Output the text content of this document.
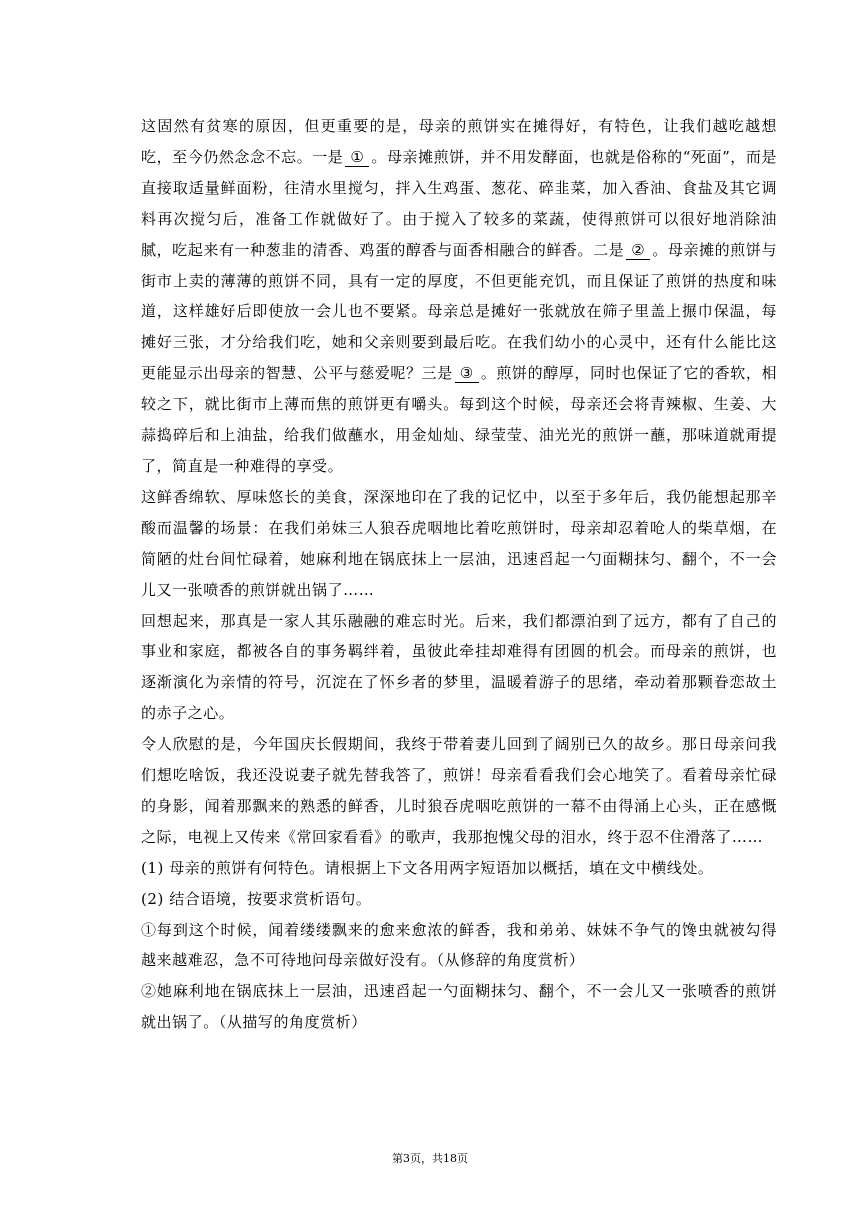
这固然有贫寒的原因，但更重要的是，母亲的煎饼实在摊得好，有特色，让我们越吃越想吃，至今仍然念念不忘。一是 ① 。母亲摊煎饼，并不用发酵面，也就是俗称的“死面”，而是直接取适量鲜面粉，往清水里搅匀，拌入生鸡蛋、葱花、碎韭菜，加入香油、食盐及其它调料再次搅匀后，准备工作就做好了。由于搅入了较多的菜蔬，使得煎饼可以很好地消除油腻，吃起来有一种葱韭的清香、鸡蛋的醇香与面香相融合的鲜香。二是 ② 。母亲摊的煎饼与街市上卖的薄薄的煎饼不同，具有一定的厚度，不但更能充饥，而且保证了煎饼的热度和味道，这样雄好后即使放一会儿也不要紧。母亲总是摊好一张就放在筛子里盖上搌巾保温，每摊好三张，才分给我们吃，她和父亲则要到最后吃。在我们幼小的心灵中，还有什么能比这更能显示出母亲的智慧、公平与慈爱呢？三是 ③ 。煎饼的醇厚，同时也保证了它的香软，相较之下，就比街市上薄而焦的煎饼更有嚼头。每到这个时候，母亲还会将青辣椒、生姜、大蒜捣碎后和上油盐，给我们做蘸水，用金灿灿、绿莹莹、油光光的煎饼一蘸，那味道就甭提了，简直是一种难得的享受。

这鲜香绵软、厚味悠长的美食，深深地印在了我的记忆中，以至于多年后，我仍能想起那辛酸而温馨的场景：在我们弟妹三人狼吞虎咽地比着吃煎饼时，母亲却忍着呛人的柴草烟，在简陋的灶台间忙碌着，她麻利地在锅底抹上一层油，迅速舀起一勺面糊抹匀、翻个，不一会儿又一张喷香的煎饼就出锅了……

回想起来，那真是一家人其乐融融的难忘时光。后来，我们都漂泊到了远方，都有了自己的事业和家庭，都被各自的事务羁绊着，虽彼此牵挂却难得有团圆的机会。而母亲的煎饼，也逐渐演化为亲情的符号，沉淀在了怀乡者的梦里，温暖着游子的思绪，牵动着那颗眷恋故土的赤子之心。

令人欣慰的是，今年国庆长假期间，我终于带着妻儿回到了阔别已久的故乡。那日母亲问我们想吃啥饭，我还没说妻子就先替我答了，煎饼！母亲看看我们会心地笑了。看着母亲忙碌的身影，闻着那飘来的熟悉的鲜香，儿时狼吞虎咽吃煎饼的一幕不由得涌上心头，正在感慨之际，电视上又传来《常回家看看》的歌声，我那抱愧父母的泪水，终于忍不住滑落了……

(1) 母亲的煎饼有何特色。请根据上下文各用两字短语加以概括，填在文中横线处。

(2) 结合语境，按要求赏析语句。

①每到这个时候，闻着缕缕飘来的愈来愈浓的鲜香，我和弟弟、妹妹不争气的馋虫就被勾得越来越难忍，急不可待地问母亲做好没有。（从修辞的角度赏析）

②她麻利地在锅底抹上一层油，迅速舀起一勺面糊抹匀、翻个，不一会儿又一张喷香的煎饼就出锅了。（从描写的角度赏析）

第3页，共18页
